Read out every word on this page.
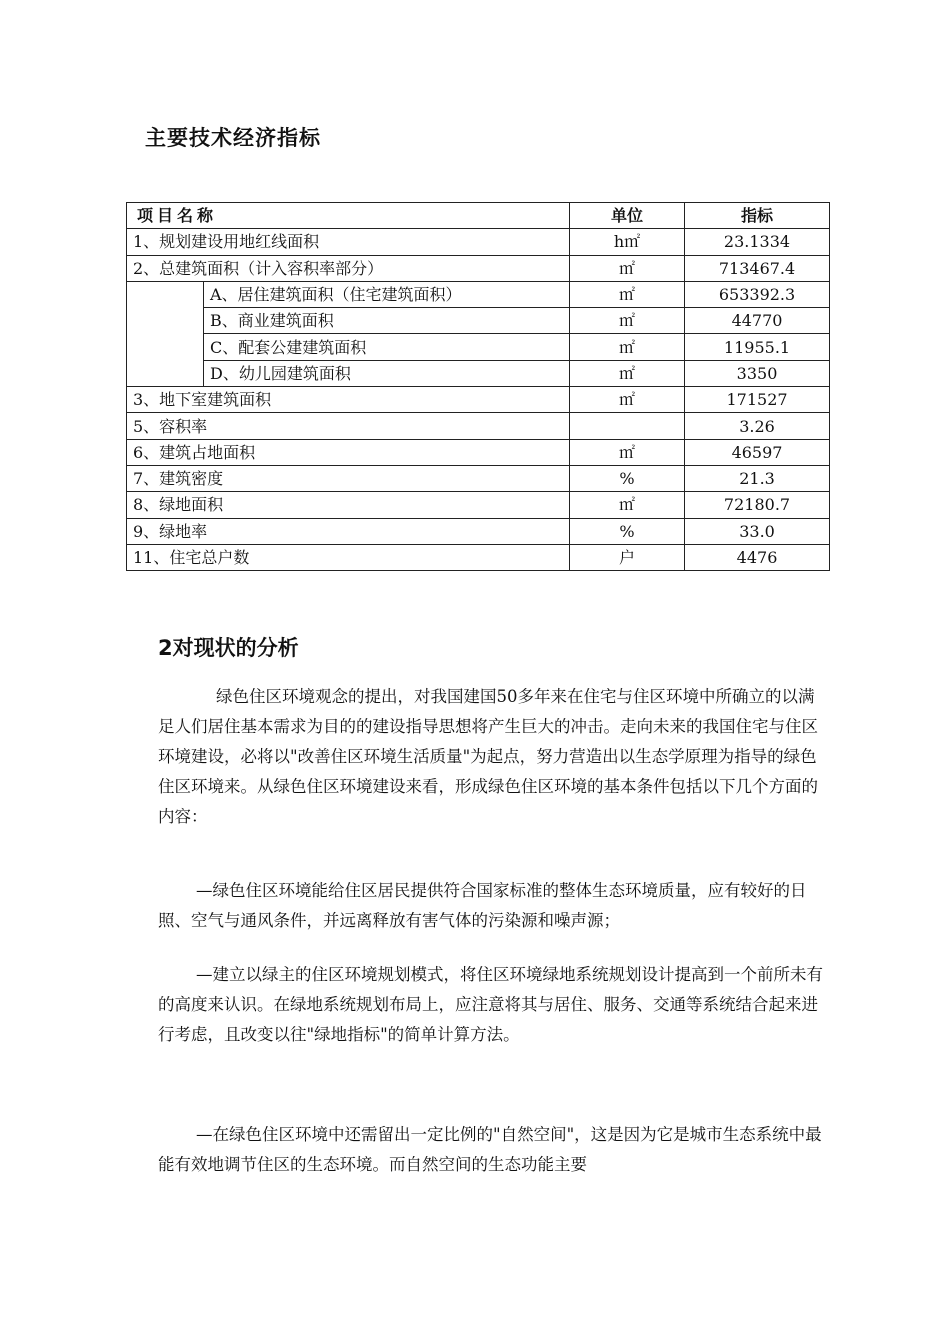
主要技术经济指标
项目名称		单位	指标
1、规划建设用地红线面积		h㎡	23.1334
2、总建筑面积（计入容积率部分）		㎡	713467.4
	A、居住建筑面积（住宅建筑面积）	㎡	653392.3
	B、商业建筑面积	㎡	44770
	C、配套公建建筑面积	㎡	11955.1
	D、幼儿园建筑面积	㎡	3350
3、地下室建筑面积		㎡	171527
5、容积率			3.26
6、建筑占地面积		㎡	46597
7、建筑密度		%	21.3
8、绿地面积		㎡	72180.7
9、绿地率		%	33.0
11、住宅总户数		户	4476
2对现状的分析

绿色住区环境观念的提出，对我国建国50多年来在住宅与住区环境中所确立的以满足人们居住基本需求为目的的建设指导思想将产生巨大的冲击。走向未来的我国住宅与住区环境建设，必将以"改善住区环境生活质量"为起点，努力营造出以生态学原理为指导的绿色住区环境来。从绿色住区环境建设来看，形成绿色住区环境的基本条件包括以下几个方面的内容：

—绿色住区环境能给住区居民提供符合国家标准的整体生态环境质量，应有较好的日照、空气与通风条件，并远离释放有害气体的污染源和噪声源；

—建立以绿主的住区环境规划模式，将住区环境绿地系统规划设计提高到一个前所未有的高度来认识。在绿地系统规划布局上，应注意将其与居住、服务、交通等系统结合起来进行考虑，且改变以往"绿地指标"的简单计算方法。

—在绿色住区环境中还需留出一定比例的"自然空间"，这是因为它是城市生态系统中最能有效地调节住区的生态环境。而自然空间的生态功能主要
